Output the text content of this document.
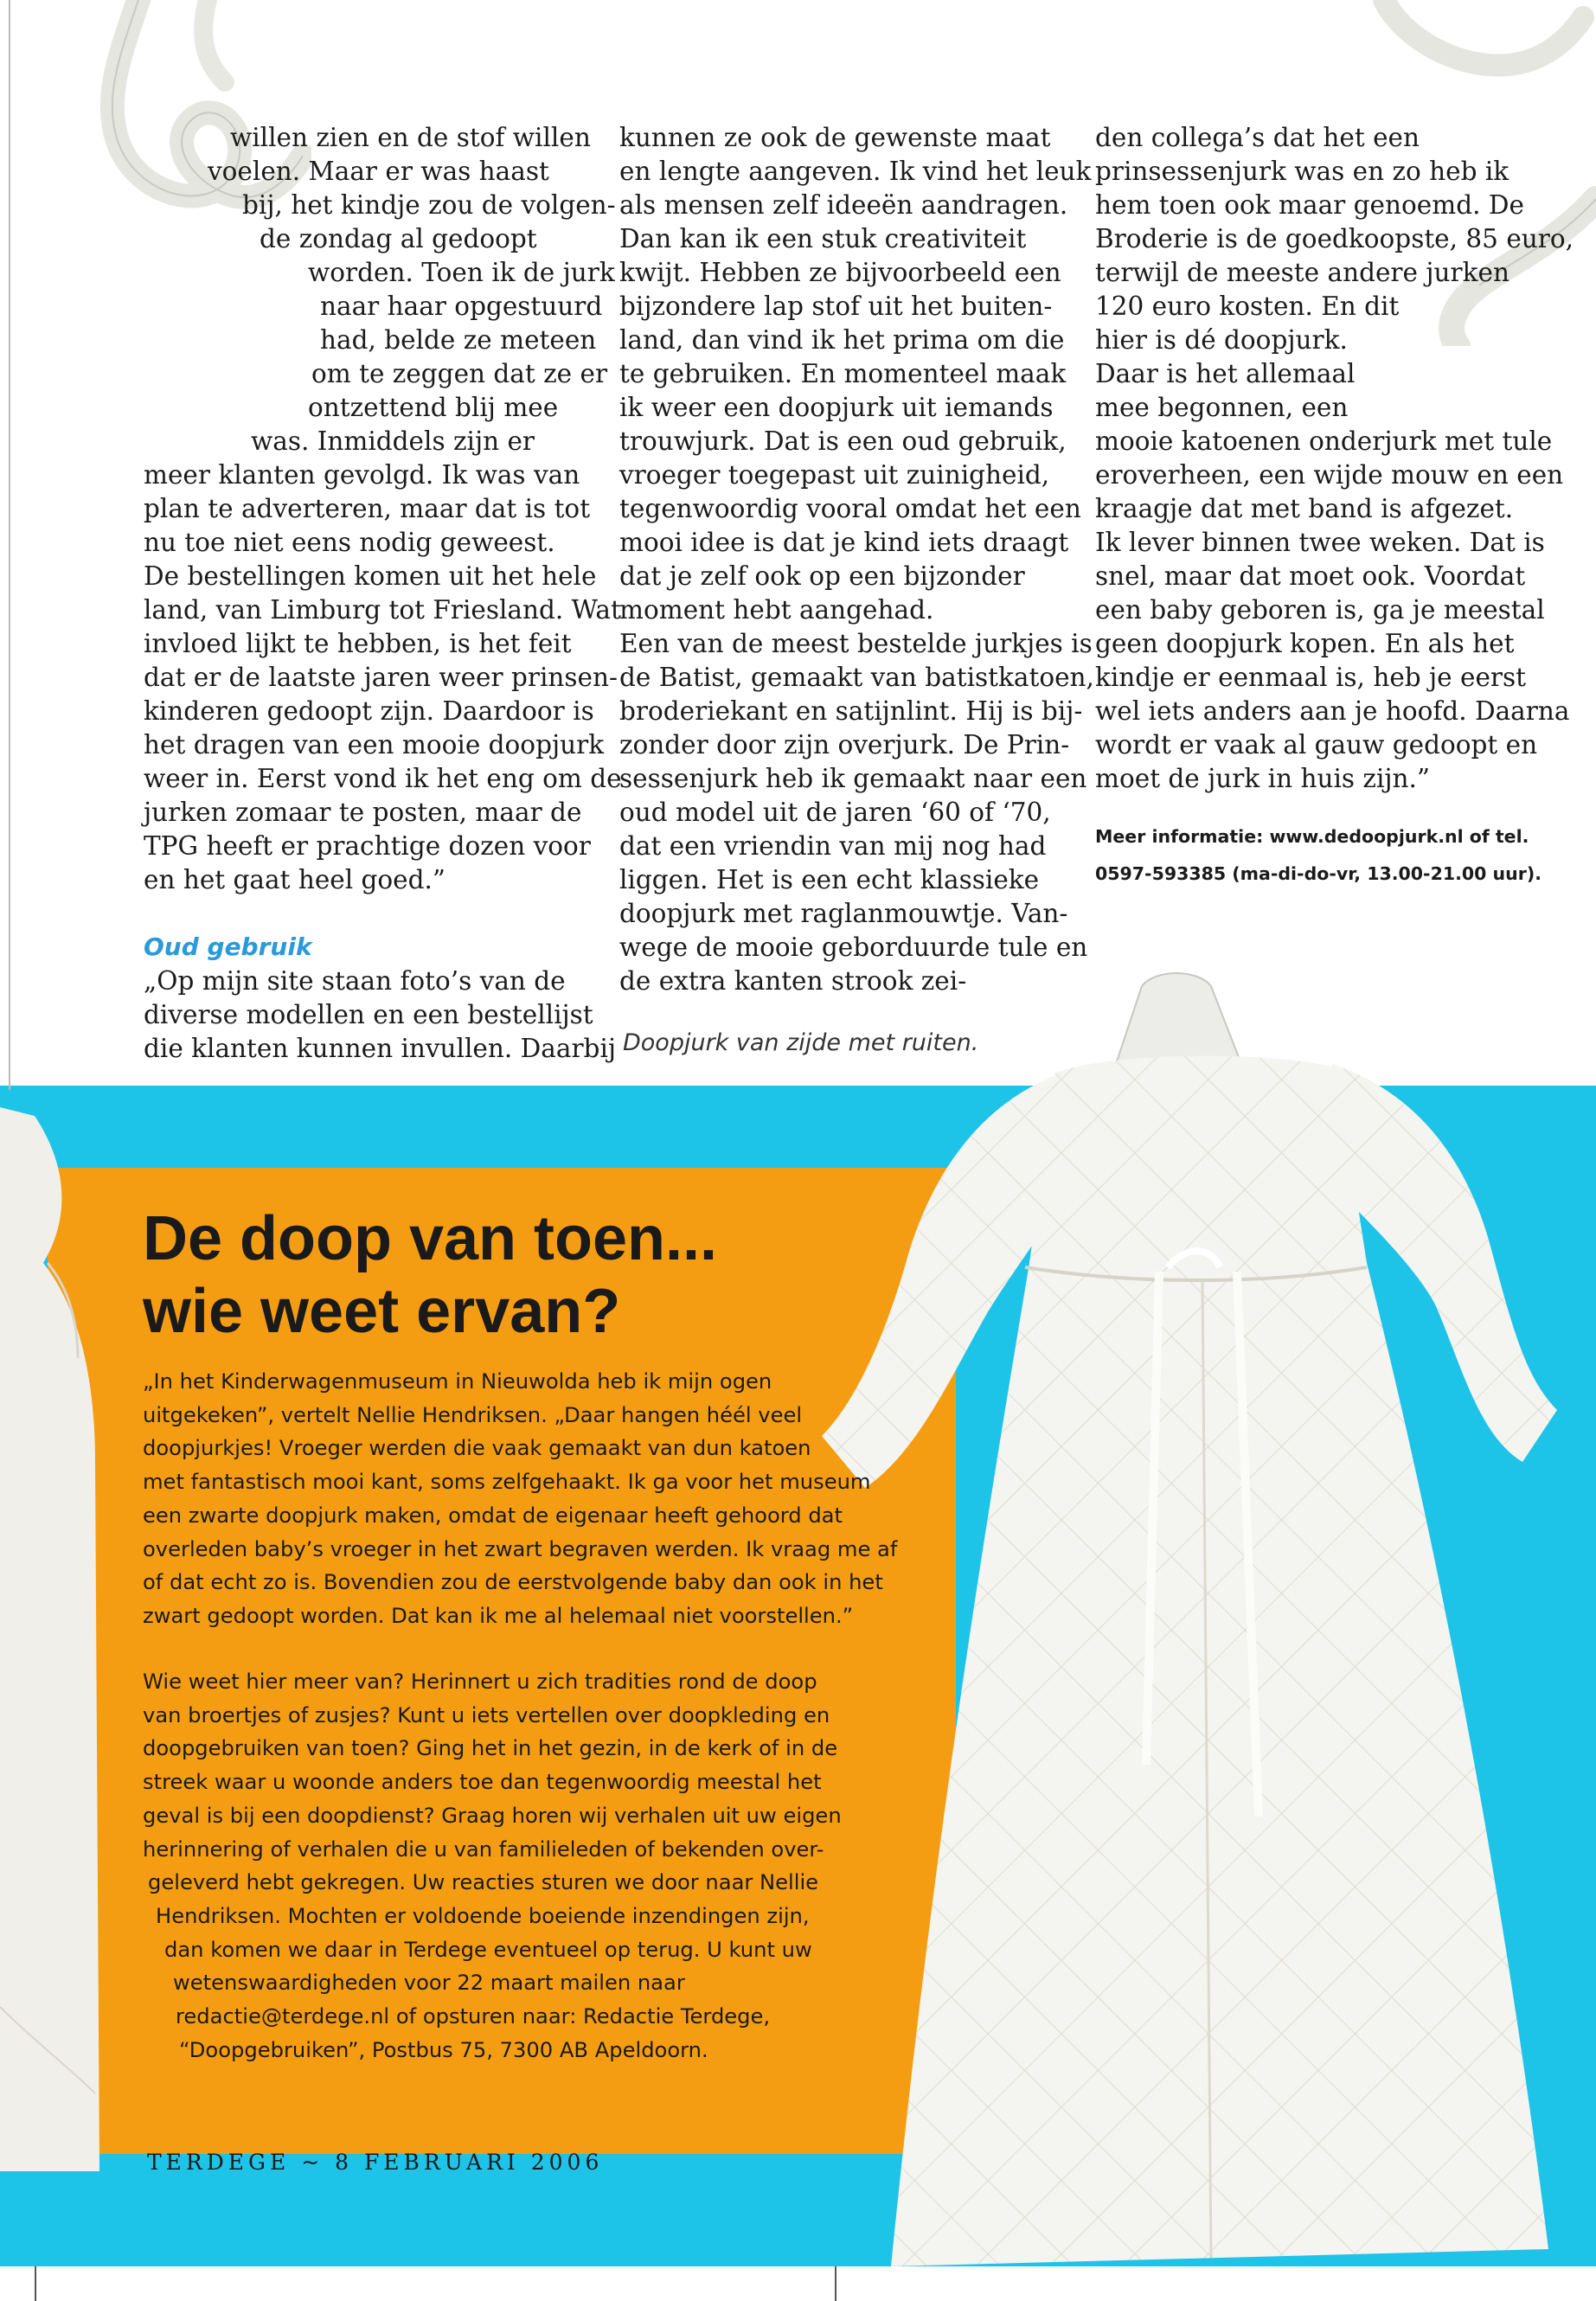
willen zien en de stof willen
voelen. Maar er was haast
bij, het kindje zou de volgen-
de zondag al gedoopt
worden. Toen ik de jurk
naar haar opgestuurd
had, belde ze meteen
om te zeggen dat ze er
ontzettend blij mee
was. Inmiddels zijn er
meer klanten gevolgd. Ik was van
plan te adverteren, maar dat is tot
nu toe niet eens nodig geweest.
De bestellingen komen uit het hele
land, van Limburg tot Friesland. Wat
invloed lijkt te hebben, is het feit
dat er de laatste jaren weer prinsen-
kinderen gedoopt zijn. Daardoor is
het dragen van een mooie doopjurk
weer in. Eerst vond ik het eng om de
jurken zomaar te posten, maar de
TPG heeft er prachtige dozen voor
en het gaat heel goed.”
Oud gebruik
„Op mijn site staan foto’s van de
diverse modellen en een bestellijst
die klanten kunnen invullen. Daarbij
kunnen ze ook de gewenste maat
en lengte aangeven. Ik vind het leuk
als mensen zelf ideeën aandragen.
Dan kan ik een stuk creativiteit
kwijt. Hebben ze bijvoorbeeld een
bijzondere lap stof uit het buiten-
land, dan vind ik het prima om die
te gebruiken. En momenteel maak
ik weer een doopjurk uit iemands
trouwjurk. Dat is een oud gebruik,
vroeger toegepast uit zuinigheid,
tegenwoordig vooral omdat het een
mooi idee is dat je kind iets draagt
dat je zelf ook op een bijzonder
moment hebt aangehad.
Een van de meest bestelde jurkjes is
de Batist, gemaakt van batistkatoen,
broderiekant en satijnlint. Hij is bij-
zonder door zijn overjurk. De Prin-
sessenjurk heb ik gemaakt naar een
oud model uit de jaren ‘60 of ‘70,
dat een vriendin van mij nog had
liggen. Het is een echt klassieke
doopjurk met raglanmouwtje. Van-
wege de mooie geborduurde tule en
de extra kanten strook zei-
den collega’s dat het een
prinsessenjurk was en zo heb ik
hem toen ook maar genoemd. De
Broderie is de goedkoopste, 85 euro,
terwijl de meeste andere jurken
120 euro kosten. En dit
hier is dé doopjurk.
Daar is het allemaal
mee begonnen, een
mooie katoenen onderjurk met tule
eroverheen, een wijde mouw en een
kraagje dat met band is afgezet.
Ik lever binnen twee weken. Dat is
snel, maar dat moet ook. Voordat
een baby geboren is, ga je meestal
geen doopjurk kopen. En als het
kindje er eenmaal is, heb je eerst
wel iets anders aan je hoofd. Daarna
wordt er vaak al gauw gedoopt en
moet de jurk in huis zijn.”
Meer informatie: www.dedoopjurk.nl of tel.
0597-593385 (ma-di-do-vr, 13.00-21.00 uur).
Doopjurk van zijde met ruiten.
De doop van toen...
wie weet ervan?
„In het Kinderwagenmuseum in Nieuwolda heb ik mijn ogen
uitgekeken”, vertelt Nellie Hendriksen. „Daar hangen héél veel
doopjurkjes! Vroeger werden die vaak gemaakt van dun katoen
met fantastisch mooi kant, soms zelfgehaakt. Ik ga voor het museum
een zwarte doopjurk maken, omdat de eigenaar heeft gehoord dat
overleden baby’s vroeger in het zwart begraven werden. Ik vraag me af
of dat echt zo is. Bovendien zou de eerstvolgende baby dan ook in het
zwart gedoopt worden. Dat kan ik me al helemaal niet voorstellen.”
Wie weet hier meer van? Herinnert u zich tradities rond de doop
van broertjes of zusjes? Kunt u iets vertellen over doopkleding en
doopgebruiken van toen? Ging het in het gezin, in de kerk of in de
streek waar u woonde anders toe dan tegenwoordig meestal het
geval is bij een doopdienst? Graag horen wij verhalen uit uw eigen
herinnering of verhalen die u van familieleden of bekenden over-
geleverd hebt gekregen. Uw reacties sturen we door naar Nellie
Hendriksen. Mochten er voldoende boeiende inzendingen zijn,
dan komen we daar in Terdege eventueel op terug. U kunt uw
wetenswaardigheden voor 22 maart mailen naar
redactie@terdege.nl of opsturen naar: Redactie Terdege,
“Doopgebruiken”, Postbus 75, 7300 AB Apeldoorn.
TERDEGE ~ 8 FEBRUARI 2006
